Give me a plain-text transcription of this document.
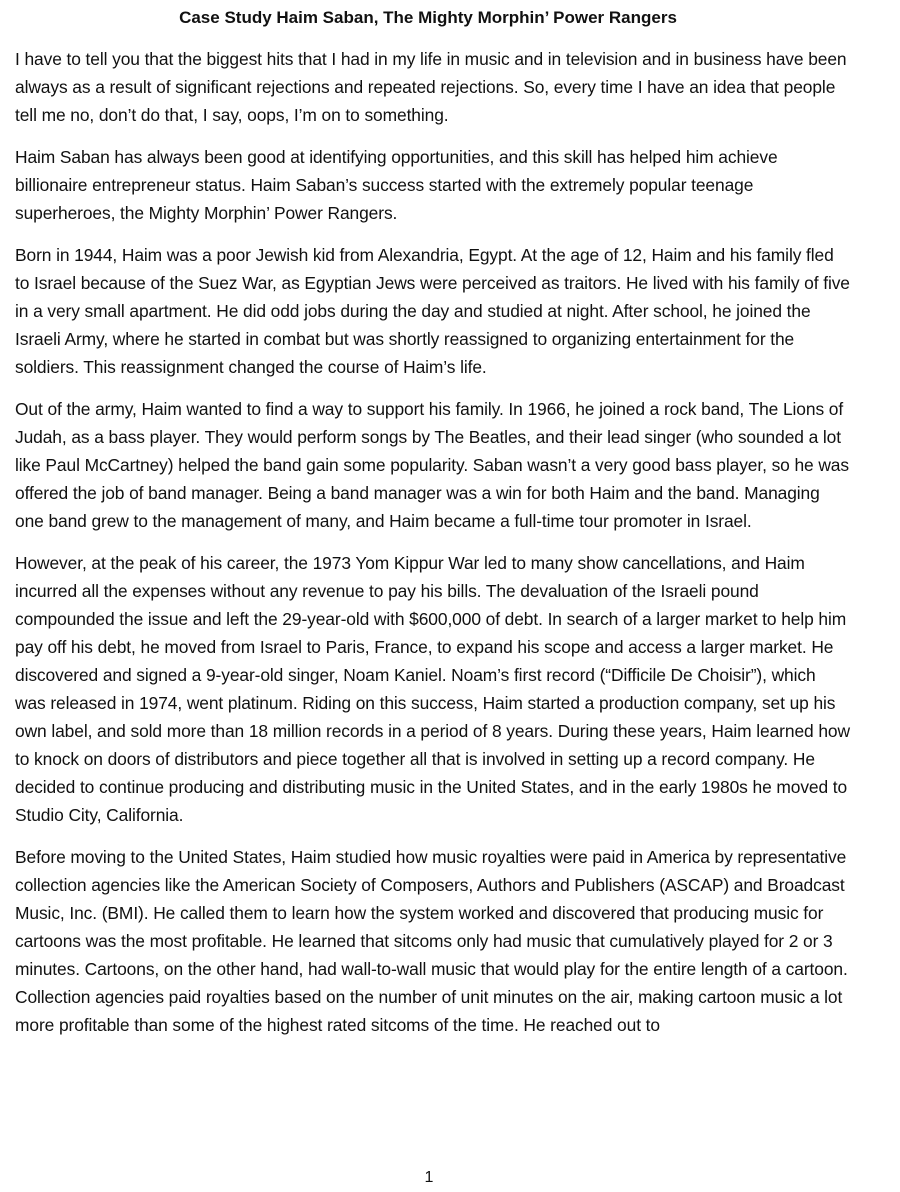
Case Study Haim Saban, The Mighty Morphin’ Power Rangers

I have to tell you that the biggest hits that I had in my life in music and in television and in business have been always as a result of significant rejections and repeated rejections. So, every time I have an idea that people tell me no, don’t do that, I say, oops, I’m on to something.

Haim Saban has always been good at identifying opportunities, and this skill has helped him achieve billionaire entrepreneur status. Haim Saban’s success started with the extremely popular teenage superheroes, the Mighty Morphin’ Power Rangers.

Born in 1944, Haim was a poor Jewish kid from Alexandria, Egypt. At the age of 12, Haim and his family fled to Israel because of the Suez War, as Egyptian Jews were perceived as traitors. He lived with his family of five in a very small apartment. He did odd jobs during the day and studied at night. After school, he joined the Israeli Army, where he started in combat but was shortly reassigned to organizing entertainment for the soldiers. This reassignment changed the course of Haim’s life.

Out of the army, Haim wanted to find a way to support his family. In 1966, he joined a rock band, The Lions of Judah, as a bass player. They would perform songs by The Beatles, and their lead singer (who sounded a lot like Paul McCartney) helped the band gain some popularity. Saban wasn’t a very good bass player, so he was offered the job of band manager. Being a band manager was a win for both Haim and the band. Managing one band grew to the management of many, and Haim became a full-time tour promoter in Israel.

However, at the peak of his career, the 1973 Yom Kippur War led to many show cancellations, and Haim incurred all the expenses without any revenue to pay his bills. The devaluation of the Israeli pound compounded the issue and left the 29-year-old with $600,000 of debt. In search of a larger market to help him pay off his debt, he moved from Israel to Paris, France, to expand his scope and access a larger market. He discovered and signed a 9-year-old singer, Noam Kaniel. Noam’s first record (“Difficile De Choisir”), which was released in 1974, went platinum. Riding on this success, Haim started a production company, set up his own label, and sold more than 18 million records in a period of 8 years. During these years, Haim learned how to knock on doors of distributors and piece together all that is involved in setting up a record company. He decided to continue producing and distributing music in the United States, and in the early 1980s he moved to Studio City, California.

Before moving to the United States, Haim studied how music royalties were paid in America by representative collection agencies like the American Society of Composers, Authors and Publishers (ASCAP) and Broadcast Music, Inc. (BMI). He called them to learn how the system worked and discovered that producing music for cartoons was the most profitable. He learned that sitcoms only had music that cumulatively played for 2 or 3 minutes. Cartoons, on the other hand, had wall-to-wall music that would play for the entire length of a cartoon. Collection agencies paid royalties based on the number of unit minutes on the air, making cartoon music a lot more profitable than some of the highest rated sitcoms of the time. He reached out to

1
